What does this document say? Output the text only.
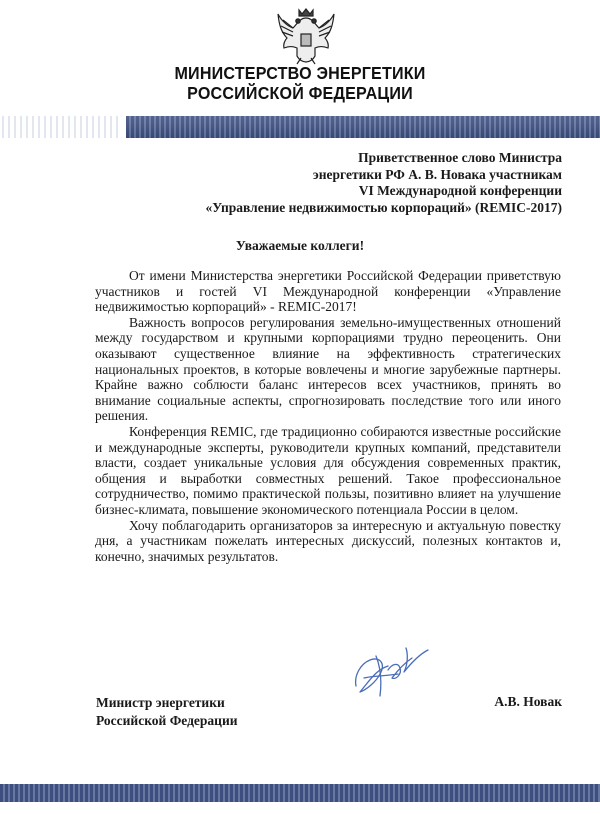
МИНИСТЕРСТВО ЭНЕРГЕТИКИ
РОССИЙСКОЙ ФЕДЕРАЦИИ
Приветственное слово Министра
энергетики РФ А. В. Новака участникам
VI Международной конференции
«Управление недвижимостью корпораций» (REMIC-2017)
Уважаемые коллеги!

От имени Министерства энергетики Российской Федерации приветствую участников и гостей VI Международной конференции «Управление недвижимостью корпораций» - REMIC-2017!

Важность вопросов регулирования земельно-имущественных отношений между государством и крупными корпорациями трудно переоценить. Они оказывают существенное влияние на эффективность стратегических национальных проектов, в которые вовлечены и многие зарубежные партнеры. Крайне важно соблюсти баланс интересов всех участников, принять во внимание социальные аспекты, спрогнозировать последствие того или иного решения.

Конференция REMIC, где традиционно собираются известные российские и международные эксперты, руководители крупных компаний, представители власти, создает уникальные условия для обсуждения современных практик, общения и выработки совместных решений. Такое профессиональное сотрудничество, помимо практической пользы, позитивно влияет на улучшение бизнес-климата, повышение экономического потенциала России в целом.

Хочу поблагодарить организаторов за интересную и актуальную повестку дня, а участникам пожелать интересных дискуссий, полезных контактов и, конечно, значимых результатов.

Министр энергетики
Российской Федерации
А.В. Новак
